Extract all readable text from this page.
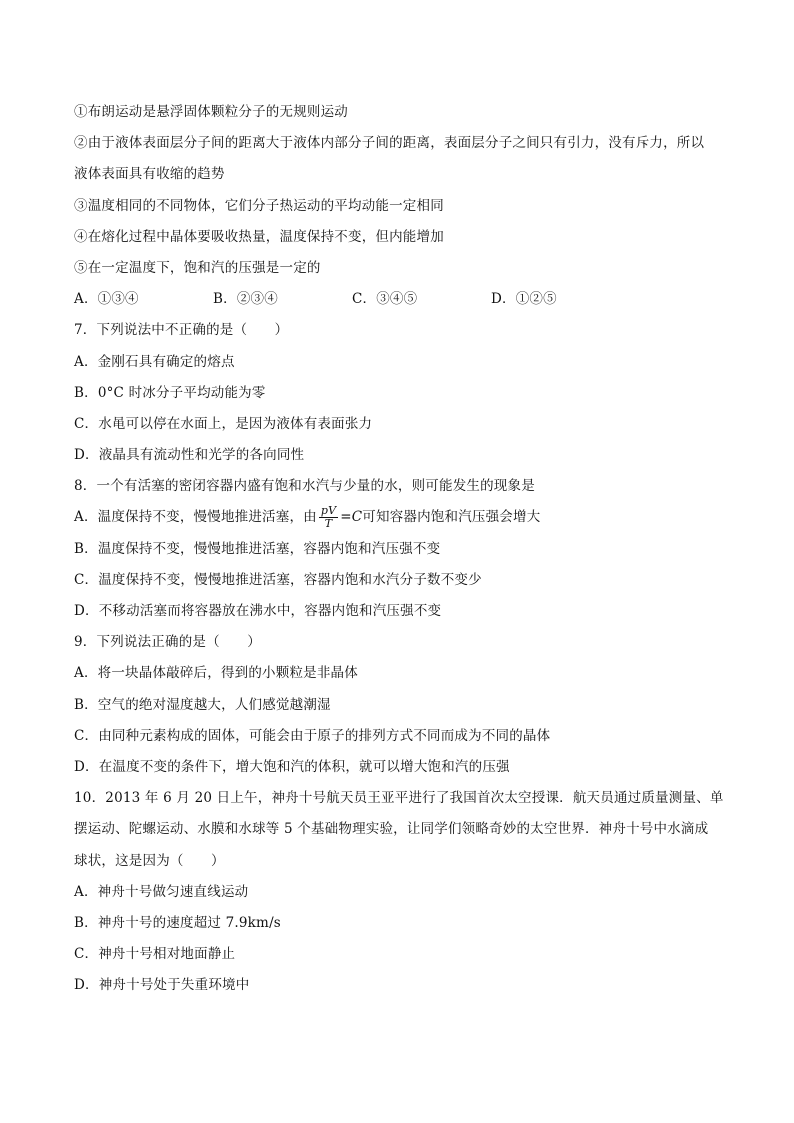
①布朗运动是悬浮固体颗粒分子的无规则运动
②由于液体表面层分子间的距离大于液体内部分子间的距离，表面层分子之间只有引力，没有斥力，所以
液体表面具有收缩的趋势
③温度相同的不同物体，它们分子热运动的平均动能一定相同
④在熔化过程中晶体要吸收热量，温度保持不变，但内能增加
⑤在一定温度下，饱和汽的压强是一定的
A．①③④	B．②③④	C．③④⑤	D．①②⑤
7．下列说法中不正确的是（　　）
A．金刚石具有确定的熔点
B．0°C 时冰分子平均动能为零
C．水黾可以停在水面上，是因为液体有表面张力
D．液晶具有流动性和光学的各向同性
8．一个有活塞的密闭容器内盛有饱和水汽与少量的水，则可能发生的现象是
A．温度保持不变，慢慢地推进活塞，由 $\frac{pV}{T} =C$可知容器内饱和汽压强会增大
B．温度保持不变，慢慢地推进活塞，容器内饱和汽压强不变
C．温度保持不变，慢慢地推进活塞，容器内饱和水汽分子数不变少
D．不移动活塞而将容器放在沸水中，容器内饱和汽压强不变
9．下列说法正确的是（　　）
A．将一块晶体敲碎后，得到的小颗粒是非晶体
B．空气的绝对湿度越大，人们感觉越潮湿
C．由同种元素构成的固体，可能会由于原子的排列方式不同而成为不同的晶体
D．在温度不变的条件下，增大饱和汽的体积，就可以增大饱和汽的压强
10．2013 年 6 月 20 日上午，神舟十号航天员王亚平进行了我国首次太空授课．航天员通过质量测量、单
摆运动、陀螺运动、水膜和水球等 5 个基础物理实验，让同学们领略奇妙的太空世界．神舟十号中水滴成
球状，这是因为（　　）
A．神舟十号做匀速直线运动
B．神舟十号的速度超过 7.9km/s
C．神舟十号相对地面静止
D．神舟十号处于失重环境中
